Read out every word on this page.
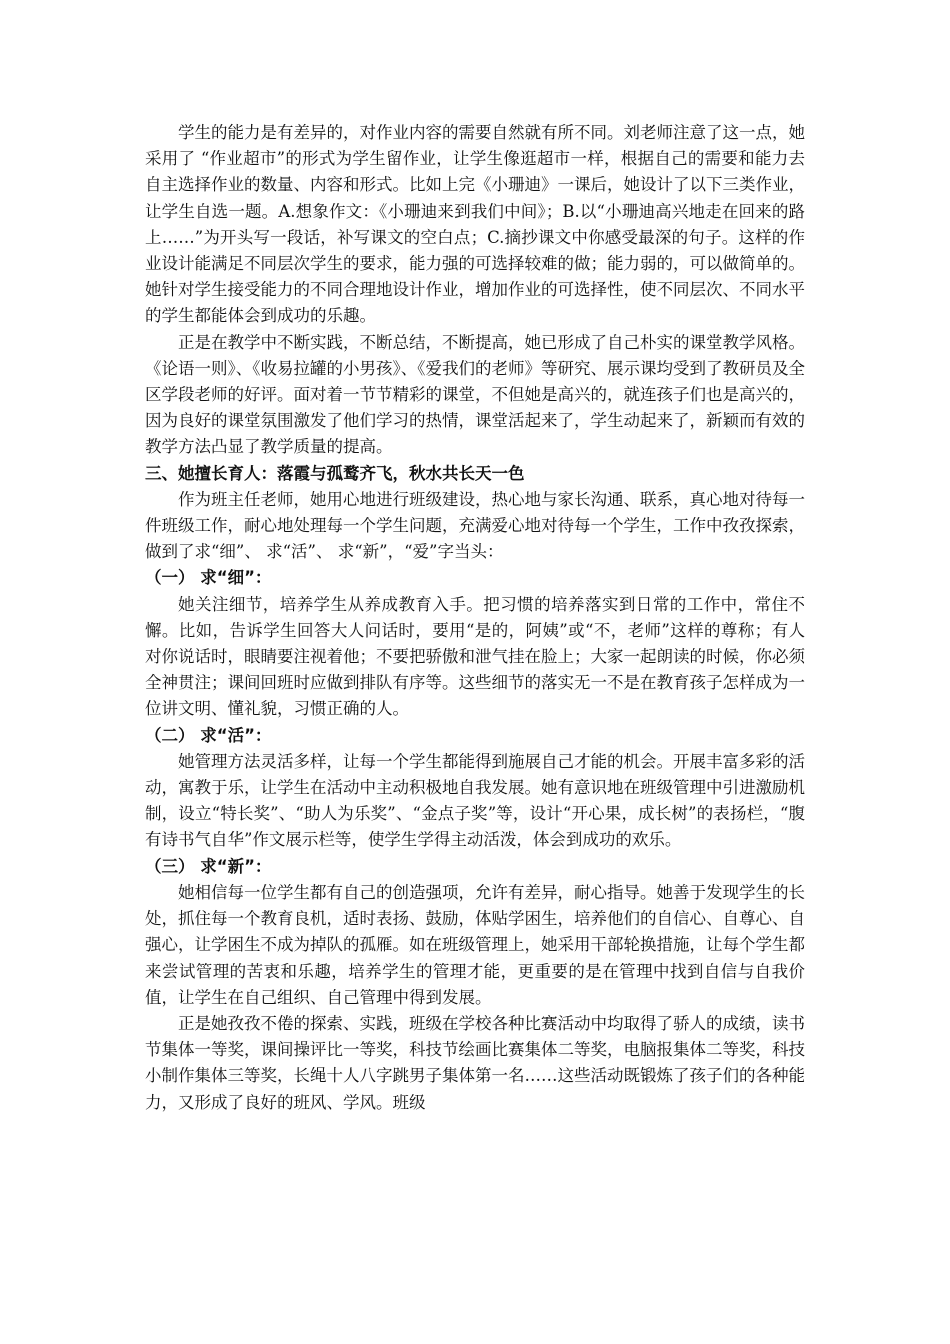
学生的能力是有差异的，对作业内容的需要自然就有所不同。刘老师注意了这一点，她采用了 “作业超市”的形式为学生留作业，让学生像逛超市一样，根据自己的需要和能力去自主选择作业的数量、内容和形式。比如上完《小珊迪》一课后，她设计了以下三类作业，让学生自选一题。A.想象作文：《小珊迪来到我们中间》；B.以“小珊迪高兴地走在回来的路上……”为开头写一段话，补写课文的空白点；C.摘抄课文中你感受最深的句子。这样的作业设计能满足不同层次学生的要求，能力强的可选择较难的做；能力弱的，可以做简单的。她针对学生接受能力的不同合理地设计作业，增加作业的可选择性，使不同层次、不同水平的学生都能体会到成功的乐趣。

正是在教学中不断实践，不断总结，不断提高，她已形成了自己朴实的课堂教学风格。《论语一则》、《收易拉罐的小男孩》、《爱我们的老师》等研究、展示课均受到了教研员及全区学段老师的好评。面对着一节节精彩的课堂，不但她是高兴的，就连孩子们也是高兴的，因为良好的课堂氛围激发了他们学习的热情，课堂活起来了，学生动起来了，新颖而有效的教学方法凸显了教学质量的提高。

三、她擅长育人：落霞与孤鹜齐飞，秋水共长天一色

作为班主任老师，她用心地进行班级建设，热心地与家长沟通、联系，真心地对待每一件班级工作，耐心地处理每一个学生问题，充满爱心地对待每一个学生，工作中孜孜探索，做到了求“细”、 求“活”、 求“新”，“爱”字当头：

（一） 求“细”：

她关注细节，培养学生从养成教育入手。把习惯的培养落实到日常的工作中，常住不懈。比如，告诉学生回答大人问话时，要用“是的，阿姨”或“不，老师”这样的尊称；有人对你说话时，眼睛要注视着他；不要把骄傲和泄气挂在脸上；大家一起朗读的时候，你必须全神贯注；课间回班时应做到排队有序等。这些细节的落实无一不是在教育孩子怎样成为一位讲文明、懂礼貌，习惯正确的人。

（二） 求“活”：

她管理方法灵活多样，让每一个学生都能得到施展自己才能的机会。开展丰富多彩的活动，寓教于乐，让学生在活动中主动积极地自我发展。她有意识地在班级管理中引进激励机制，设立“特长奖”、“助人为乐奖”、“金点子奖”等，设计“开心果，成长树”的表扬栏，“腹有诗书气自华”作文展示栏等，使学生学得主动活泼，体会到成功的欢乐。

（三） 求“新”：

她相信每一位学生都有自己的创造强项，允许有差异，耐心指导。她善于发现学生的长处，抓住每一个教育良机，适时表扬、鼓励，体贴学困生，培养他们的自信心、自尊心、自强心，让学困生不成为掉队的孤雁。如在班级管理上，她采用干部轮换措施，让每个学生都来尝试管理的苦衷和乐趣，培养学生的管理才能，更重要的是在管理中找到自信与自我价值，让学生在自己组织、自己管理中得到发展。

正是她孜孜不倦的探索、实践，班级在学校各种比赛活动中均取得了骄人的成绩，读书节集体一等奖，课间操评比一等奖，科技节绘画比赛集体二等奖，电脑报集体二等奖，科技小制作集体三等奖，长绳十人八字跳男子集体第一名……这些活动既锻炼了孩子们的各种能力，又形成了良好的班风、学风。班级
